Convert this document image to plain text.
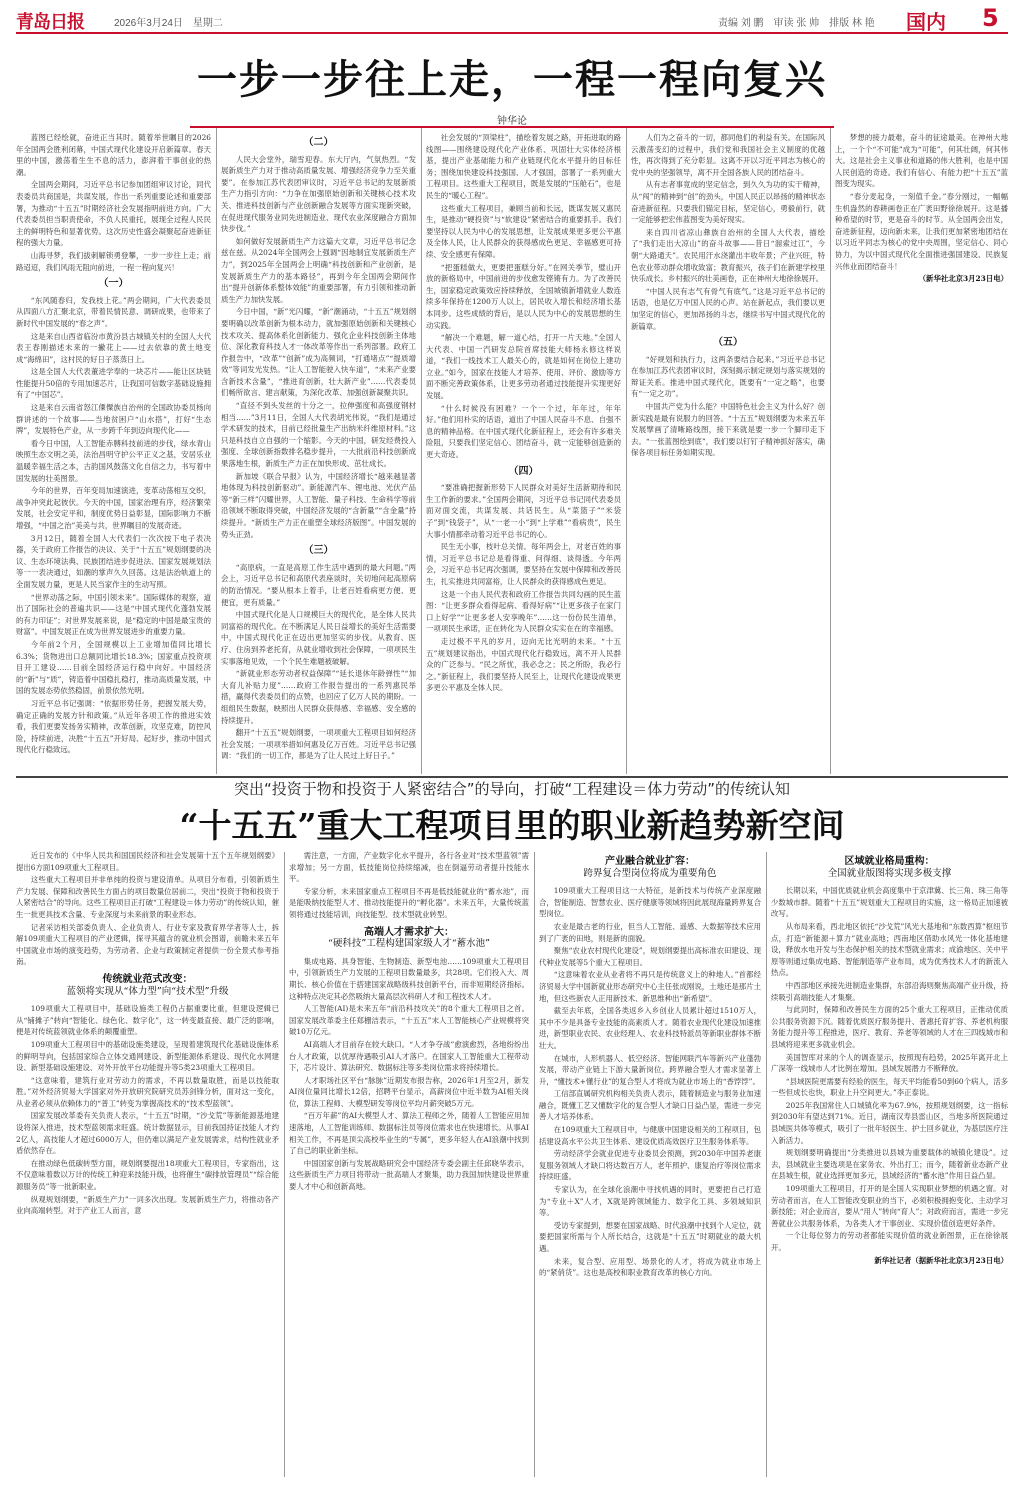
青岛日报	2026年3月24日　星期二	责编 刘 鹏　审读 张 帅　排版 林 艳 国内 5
一步一步往上走，一程一程向复兴
钟华论

蓝图已经绘就，奋进正当其时。随着举世瞩目的2026年全国两会胜利闭幕，中国式现代化建设开启新篇章。春天里的中国，激荡着生生不息的活力，澎湃着干事创业的热潮。

全国两会期间，习近平总书记参加团组审议讨论，同代表委员共商国是，共谋发展，作出一系列重要论述和重要部署，为推动“十五五”时期经济社会发展指明前进方向。广大代表委员担当职责使命，不负人民重托，展现全过程人民民主的鲜明特色和显著优势。这次历史性盛会凝聚起奋进新征程的强大力量。

山海寻梦，我们拔刺解锁勇登攀，一步一步往上走；前路迢迢，我们风雨无阻向前进，一程一程向复兴！

（一）

“东风随春归，发我枝上花。”两会期间，广大代表委员从四面八方汇聚北京，带着民情民意、调研成果，也带来了新时代中国发展的“春之声”。

这是来自山西省临汾市黄汾县古城镇关村的全国人大代表王春刚描述未来的一撇花上——过去依靠的黄土地变成“海绵田”，这村民的好日子蒸蒸日上。

这是全国人大代表董进学奉的一块芯片——能让区块链性能提升50倍的专用加速芯片，让我国可信数字基础设施拥有了“中国芯”。

这是来自云南省怒江傈僳族自治州的全国政协委员杨向群讲述的一个故事——当地贫困户“山水搭”，打好“生态牌”，发展特色产业，从一步跨千年到迈向现代化——

看今日中国，人工智能赤膊科技前进的步伐，绿水青山映照生态文明之美，法治昌明守护公平正义之基，安居乐业温暖幸福生活之本，古韵国风鼓荡文化自信之力，书写着中国发展的壮美图景。

今年的世界，百年变局加速演进，变革动荡相互交织，战争冲突此起彼伏。今天的中国，国家治理有序，经济繁荣发展，社会安定平和，制度优势日益彰显，国际影响力不断增强，“中国之治”美美与共，世界瞩目的发展奇迹。

3月12日，随着全国人大代表们一次次按下电子表决器，关于政府工作报告的决议、关于“十五五”规划纲要的决议、生态环境法典、民族团结进步促进法、国家发展规划法等一一表决通过，如潮的掌声久久回荡。这是法治轨道上的全面发展力量，更是人民当家作主的生动写照。

“世界动荡之际，中国引领未来”。国际媒体的观察，道出了国际社会的普遍共识——这是“中国式现代化蓬勃发展的有力印证”；对世界发展来说，是“稳定的中国是最宝贵的财富”。中国发展正在成为世界发展进步的重要力量。

今年前2个月，全国规模以上工业增加值同比增长6.3%；货物进出口总额同比增长18.3%；国家重点投资项目开工建设……目前全国经济运行稳中向好。中国经济的“新”与“质”，铸造着中国稳扎稳打，推动高质量发展，中国的发展态势依然稳固，前景依然光明。

习近平总书记强调：“依据形势任务，把握发展大势，确定正确的发展方针和政策。”从近年各项工作的推进实效看，我们更要发扬务实精神，改革创新，攻坚克难，防控风险，持续前进，决胜“十五五”开好局、起好步，推动中国式现代化行稳致远。

（二）

人民大会堂外，瑞雪迎春。东大厅内，气氛热烈。“发展新质生产力对于推动高质量发展、增强经济竞争力至关重要”。在参加江苏代表团审议时，习近平总书记的发展新质生产力指引方向：“力争在加强原始创新和关键核心技术攻关、推进科技创新与产业创新融合发展等方面实现新突破，在促进现代服务业同先进制造业、现代农业深度融合方面加快步伐。”

如何做好发展新质生产力这篇大文章，习近平总书记念兹在兹。从2024年全国两会上强调“因地制宜发展新质生产力”，到2025年全国两会上明确“科技创新和产业创新，是发展新质生产力的基本路径”，再到今年全国两会期间作出“提升创新体系整体效能”的重要部署，有力引领和推动新质生产力加快发展。

今日中国，“新”光闪耀，“新”潮涌动，“十五五”规划纲要明确以改革创新为根本动力，就加强原始创新和关键核心技术攻关、提高体系化创新能力、强化企业科技创新主体地位、深化教育科技人才一体改革等作出一系列部署。政府工作报告中，“改革”“创新”成为高频词，“打通堵点”“提质增效”等词发光发热。“让人工智能驶入快车道”，“未来产业要含新技术含量”，“推进育创新，壮大新产业”……代表委员们畅所欲言、建言献策，为深化改革、加强创新凝聚共识。

“直径不到头发丝的十分之一，拉伸强度和高强度钢材相当……”3月11日，全国人大代表胡光伟说，“我们是通过学术研发的技术，目前已经批量生产出纳米纤维原材料。”这只是科技自立自强的一个缩影。今天的中国，研发经费投入强度、全球创新指数排名稳步提升，一大批前沿科技创新成果落地生根，新质生产力正在加快形成、茁壮成长。

新加坡《联合早报》认为，中国经济增长“越来越显著地体现为科技创新驱动”。新能源汽车、锂电池、光伏产品等“新三样”闪耀世界，人工智能、量子科技、生命科学等前沿领域不断取得突破，中国经济发展的“含新量”“含金量”持续提升。“新质生产力正在重塑全球经济版图”。中国发展的势头正劲。

（三）

“高原病，一直是高原工作生活中遇到的最大问题。”两会上，习近平总书记和高原代表座谈时，关切地问起高原病的防治情况。“要从根本上着手，让老百姓看病更方便、更便宜，更有质量。”

中国式现代化是人口规模巨大的现代化，是全体人民共同富裕的现代化。在不断满足人民日益增长的美好生活需要中，中国式现代化正在迈出更加坚实的步伐。从教育、医疗、住房到养老托育，从就业增收到社会保障，一项项民生实事落地见效，一个个民生难题被破解。

“新就业形态劳动者权益保障”“延长退休年龄弹性”“加大育儿补贴力度”……政府工作报告提出的一系列惠民举措，赢得代表委员们的点赞，也回应了亿万人民的期盼。一组组民生数据，映照出人民群众获得感、幸福感、安全感的持续提升。

翻开“十五五”规划纲要，一项项重大工程项目如何经济社会发展；一项项举措如何惠及亿万百姓。习近平总书记强调：“我们的一切工作，都是为了让人民过上好日子。”

社会发展的“顶梁柱”，描绘着发展之路，开拓进取的路线图——围绕建设现代化产业体系、巩固壮大实体经济根基，提出产业基础能力和产业链现代化水平提升的目标任务；围绕加快建设科技强国、人才强国，部署了一系列重大工程项目。这些重大工程项目，既是发展的“压舱石”，也是民生的“暖心工程”。

这些重大工程项目，兼顾当前和长远，既谋发展又惠民生，是推动“硬投资”与“软建设”紧密结合的重要抓手。我们要坚持以人民为中心的发展思想，让发展成果更多更公平惠及全体人民，让人民群众的获得感成色更足、幸福感更可持续、安全感更有保障。

“把蛋糕做大，更要把蛋糕分好。”在网关季节，璧山开放的新格局中，中国前进的步伐愈发铿锵有力。为了改善民生，国家稳定政策效应持续释放，全国城镇新增就业人数连续多年保持在1200万人以上，居民收入增长和经济增长基本同步。这些成绩的背后，是以人民为中心的发展思想的生动实践。

“解决一个难题，解一道心结，打开一片天地。”全国人大代表、中国一汽研发总院首席技能大师杨永修这样说道，“我们一线技术工人最关心的，就是如何在岗位上建功立业。”如今，国家在技能人才培养、使用、评价、激励等方面不断完善政策体系，让更多劳动者通过技能提升实现更好发展。

“什么时候没有困难？一个一个过，年年过，年年好。”他们用朴实的话语，道出了中国人民奋斗不息、自强不息的精神品格。在中国式现代化新征程上，还会有许多难关险阻，只要我们坚定信心、团结奋斗，就一定能够创造新的更大奇迹。

（四）

“要准确把握新形势下人民群众对美好生活新期待和民生工作新的要求。”全国两会期间，习近平总书记同代表委员面对面交流，共谋发展、共话民生。从“菜篮子”“米袋子”到“钱袋子”，从“一老一小”到“上学难”“看病贵”，民生大事小情都牵动着习近平总书记的心。

民生无小事，枝叶总关情。每年两会上，对老百姓的事情，习近平总书记总是看得重、问得细、谈得透。今年两会，习近平总书记再次强调，要坚持在发展中保障和改善民生，扎实推进共同富裕，让人民群众的获得感成色更足。

这是一个由人民代表和政府工作报告共同勾画的民生蓝图：“让更多群众看得起病、看得好病”“让更多孩子在家门口上好学”“让更多老人安享晚年”……这一份份民生清单，一项项民生承诺，正在转化为人民群众实实在在的幸福感。

走过极不平凡的岁月，迈向无比光明的未来。“十五五”规划建议指出，中国式现代化行稳致远，离不开人民群众的广泛参与。“民之所忧，我必念之；民之所盼，我必行之。”新征程上，我们要坚持人民至上，让现代化建设成果更多更公平惠及全体人民。

人们为之奋斗的一切，都同他们的利益有关。在国际风云激荡变幻的过程中，我们党和我国社会主义制度的优越性，再次得到了充分彰显。这离不开以习近平同志为核心的党中央的坚强领导，离不开全国各族人民的团结奋斗。

从有志者事竟成的坚定信念，到久久为功的实干精神，从“闯”的精神到“创”的劲头，中国人民正以昂扬的精神状态奋进新征程。只要我们锚定目标，坚定信心，勇毅前行，就一定能够把宏伟蓝图变为美好现实。

来自四川省凉山彝族自治州的全国人大代表，描绘了“我们走出大凉山”的奋斗故事——昔日“溜索过江”，今朝“大路通天”。农民用汗水浇灌出丰收年景；产业兴旺，特色农业带动群众增收致富；教育振兴，孩子们在新建学校里快乐成长。乡村振兴的壮美画卷，正在神州大地徐徐展开。

“中国人民有志气有骨气有底气。”这是习近平总书记的话语，也是亿万中国人民的心声。站在新起点，我们要以更加坚定的信心，更加昂扬的斗志，继续书写中国式现代化的新篇章。

（五）

“好规划和执行力，这两条要结合起来。”习近平总书记在参加江苏代表团审议时，深刻揭示制定规划与落实规划的辩证关系。推进中国式现代化，既要有“一定之略”，也要有“一定之功”。

中国共产党为什么能？中国特色社会主义为什么好？创新实践是最有说服力的回答。“十五五”规划纲要为未来五年发展擘画了清晰路线图，接下来就是要一步一个脚印走下去。“一张蓝图绘到底”，我们要以钉钉子精神抓好落实，确保各项目标任务如期实现。

梦想的接力最难，奋斗的征途最美。在神州大地上，一个个“不可能”成为“可能”，何其壮阔，何其伟大。这是社会主义事业和道路的伟大胜利，也是中国人民创造的奇迹。我们有信心、有能力把“十五五”蓝图变为现实。

“春分麦起身，一刻值千金。”春分刚过，一幅幅生机盎然的春耕画卷正在广袤田野徐徐展开。这是播种希望的时节，更是奋斗的时节。从全国两会出发，奋进新征程，迈向新未来，让我们更加紧密地团结在以习近平同志为核心的党中央周围，坚定信心、同心协力，为以中国式现代化全面推进强国建设、民族复兴伟业而团结奋斗！

（新华社北京3月23日电）
突出“投资于物和投资于人紧密结合”的导向，打破“工程建设＝体力劳动”的传统认知
“十五五”重大工程项目里的职业新趋势新空间

近日发布的《中华人民共和国国民经济和社会发展第十五个五年规划纲要》提出6方面109项重大工程项目。

这些重大工程项目并非单纯的投资与建设清单。从项目分布看，引领新质生产力发展、保障和改善民生方面占的项目数量位居前二，突出“投资于物和投资于人紧密结合”的导向。这些工程项目正打破“工程建设＝体力劳动”的传统认知，催生一批更具技术含量、专业深度与未来前景的职业形态。

记者采访相关部委负责人、企业负责人、行业专家及教育界学者等人士，拆解109项重大工程项目的产业逻辑，探寻其蕴含的就业机会图谱，前瞻未来五年中国就业市场的演变趋势，为劳动者、企业与政策制定者提供一份全景式参考指南。

传统就业范式改变：
蓝领将实现从“体力型”向“技术型”升级

109项重大工程项目中，基础设施类工程仍占据重要比重，但建设逻辑已从“铺摊子”转向“智能化、绿色化、数字化”，这一转变最直接、最广泛的影响，便是对传统蓝领就业体系的颠覆重塑。

109项重大工程项目中的基础设施类建设，呈现着建筑现代化基础设施体系的鲜明导向，包括国家综合立体交通网建设、新型能源体系建设、现代化水网建设、新型基础设施建设、对外开放平台功能提升等5类23项重大工程项目。

“这意味着，建筑行业对劳动力的需求，不再以数量取胜，而是以技能取胜。”对外经济贸易大学国家对外开放研究院研究员苏剑锋分析，面对这一变化，从业者必须从依赖体力的“普工”转变为掌握高技术的“技术型蓝领”。

国家发展改革委有关负责人表示，“十五五”时期，“沙戈荒”等新能源基地建设将深入推进，技术型蓝领需求旺盛。统计数据显示，目前我国持证技能人才约2亿人，高技能人才超过6000万人，但仍难以满足产业发展需求，结构性就业矛盾依然存在。

在推动绿色低碳转型方面，规划纲要提出18项重大工程项目，专家指出，这不仅意味着数以万计的传统工种迎来技能升级，也将催生“碳排放管理员”“综合能源服务员”等一批新职业。

纵观规划纲要，“新质生产力”一词多次出现。发展新质生产力，将推动各产业向高端转型。对于产业工人而言，意

需注意，一方面，产业数字化水平提升，各行各业对“技术型蓝领”需求增加；另一方面，低技能岗位持续缩减，也在倒逼劳动者提升技能水平。

专家分析，未来国家重点工程项目不再是低技能就业的“蓄水池”，而是能吸纳技能型人才、推动技能提升的“孵化器”。未来五年，大量传统蓝领将通过技能培训，向技能型、技术型就业转型。

高端人才需求扩大：
“硬科技”工程构建国家级人才“蓄水池”

集成电路、具身智能、生物制造、新型电池……109项重大工程项目中，引领新质生产力发展的工程项目数量最多，共28项。它们投入大、周期长、核心价值在于搭建国家战略级科技创新平台，而非短期经济指标。这种特点决定其必然吸纳大量高层次科研人才和工程技术人才。

人工智能(AI)是未来五年“前沿科技攻关”的8个重大工程项目之首。国家发展改革委主任郑栅洁表示，“十五五”末人工智能核心产业规模将突破10万亿元。

AI高端人才目前存在较大缺口。“人才争夺战”愈演愈烈，各地纷纷出台人才政策，以优厚待遇吸引AI人才落户。在国家人工智能重大工程带动下，芯片设计、算法研究、数据标注等多类岗位需求将持续增长。

人才职场社区平台“脉脉”近期发布报告称，2026年1月至2月，新发AI岗位量同比增长12倍，招聘平台显示，高薪岗位中近半数为AI相关岗位，算法工程师、大模型研发等岗位平均月薪突破5万元。

“百万年薪”的AI大模型人才、算法工程师之外，随着人工智能应用加速落地，人工智能训练师、数据标注员等岗位需求也在快速增长。从事AI相关工作，不再是顶尖高校毕业生的“专属”，更多年轻人在AI浪潮中找到了自己的职业新坐标。

中国国家创新与发展战略研究会中国经济专委会副主任邱晓华表示，这些新质生产力项目将带动一批高端人才聚集，助力我国加快建设世界重要人才中心和创新高地。

产业融合就业扩容：
跨界复合型岗位将成为重要角色

109项重大工程项目这一大特征，是新技术与传统产业深度融合，智能制造、智慧农业、医疗健康等领域将因此展现海量跨界复合型岗位。

农业是最古老的行业，但当人工智能、遥感、大数据等技术应用到了广袤的田地，则是新的面貌。

聚焦“农业农村现代化建设”，规划纲要提出高标准农田建设、现代种业发展等5个重大工程项目。

“这意味着农业从业者将不再只是传统意义上的种地人。”首都经济贸易大学中国新就业形态研究中心主任张成刚说，土地还是那片土地，但这些新农人正用新技术、新思维种出“新希望”。

截至去年底，全国各类返乡入乡创业人员累计超过1510万人，其中不少是具备专业技能的高素质人才。随着农业现代化建设加速推进，新型职业农民、农业经理人、农业科技特派员等新职业群体不断壮大。

在城市，人形机器人、低空经济、智能网联汽车等新兴产业蓬勃发展，带动产业链上下游大量新岗位。跨界融合型人才需求显著上升，“懂技术+懂行业”的复合型人才将成为就业市场上的“香饽饽”。

工信部直属研究机构相关负责人表示，随着制造业与服务业加速融合，既懂工艺又懂数字化的复合型人才缺口日益凸显，需进一步完善人才培养体系。

在109项重大工程项目中，与健康中国建设相关的工程项目，包括建设高水平公共卫生体系、建设优质高效医疗卫生服务体系等。

劳动经济学会就业促进专业委员会预测，到2030年中国养老康复服务领域人才缺口将达数百万人，老年照护、康复治疗等岗位需求持续旺盛。

专家认为，在全球化浪潮中寻找机遇的同时，更要把自己打造为“专业＋X”人才，X就是跨领域能力、数字化工具、多领域知识等。

受访专家提到，想要在国家战略、时代浪潮中找到个人定位，就要把国家所需与个人所长结合，这就是“十五五”时期就业的最大机遇。

未来，复合型、应用型、场景化的人才，将成为就业市场上的“紧俏货”。这也是高校和职业教育改革的核心方向。

区域就业格局重构：
全国就业版图将实现多极支撑

长期以来，中国优质就业机会高度集中于京津冀、长三角、珠三角等少数城市群。随着“十五五”规划重大工程项目的实施，这一格局正加速被改写。

从布局来看，西北地区依托“沙戈荒”风光大基地和“东数西算”枢纽节点，打造“新能源＋算力”就业高地；西南地区借助水风光一体化基地建设，释放水电开发与生态保护相关的技术型就业需求；成渝地区、关中平原等则通过集成电路、智能制造等产业布局，成为优秀技术人才的新流入热点。

中西部地区承接先进制造业集群，东部沿海则聚焦高端产业升级，持续吸引高端技能人才集聚。

与此同时，保障和改善民生方面的25个重大工程项目，正推动优质公共服务资源下沉。随着优质医疗服务提升、普惠托育扩容、养老机构服务能力提升等工程推进，医疗、教育、养老等领域的人才在三四线城市和县域将迎来更多就业机会。

美国智库对来的个人的调查显示，按照现有趋势，2025年离开北上广深等一线城市人才比例在增加。县域发展潜力不断释放。

“县域医院更需要有经验的医生，每天平均能看50到60个病人，活多一些但成长也快，职业上升空间更大。”李正泰说。

2025年我国常住人口城镇化率为67.9%，按照规划纲要，这一指标到2030年有望达到71%。近日，湖南汉寿县雷山区，当地多所医院通过县域医共体等模式，吸引了一批年轻医生、护士回乡就业，为基层医疗注入新活力。

规划纲要明确提出“分类推进以县城为重要载体的城镇化建设”。过去，县域就业主要选项是在家务农、外出打工；而今，随着新业态新产业在县城生根，就业选择更加多元，县域经济的“蓄水池”作用日益凸显。

109项重大工程项目，打开的是全国人实现职业梦想的机遇之窗。对劳动者而言，在人工智能改变职业的当下，必须积极拥抱变化、主动学习新技能；对企业而言，要从“用人”转向“育人”；对政府而言，需进一步完善就业公共服务体系，为各类人才干事创业、实现价值创造更好条件。

一个让每位努力的劳动者都能实现价值的就业新图景，正在徐徐展开。

新华社记者（据新华社北京3月23日电）
